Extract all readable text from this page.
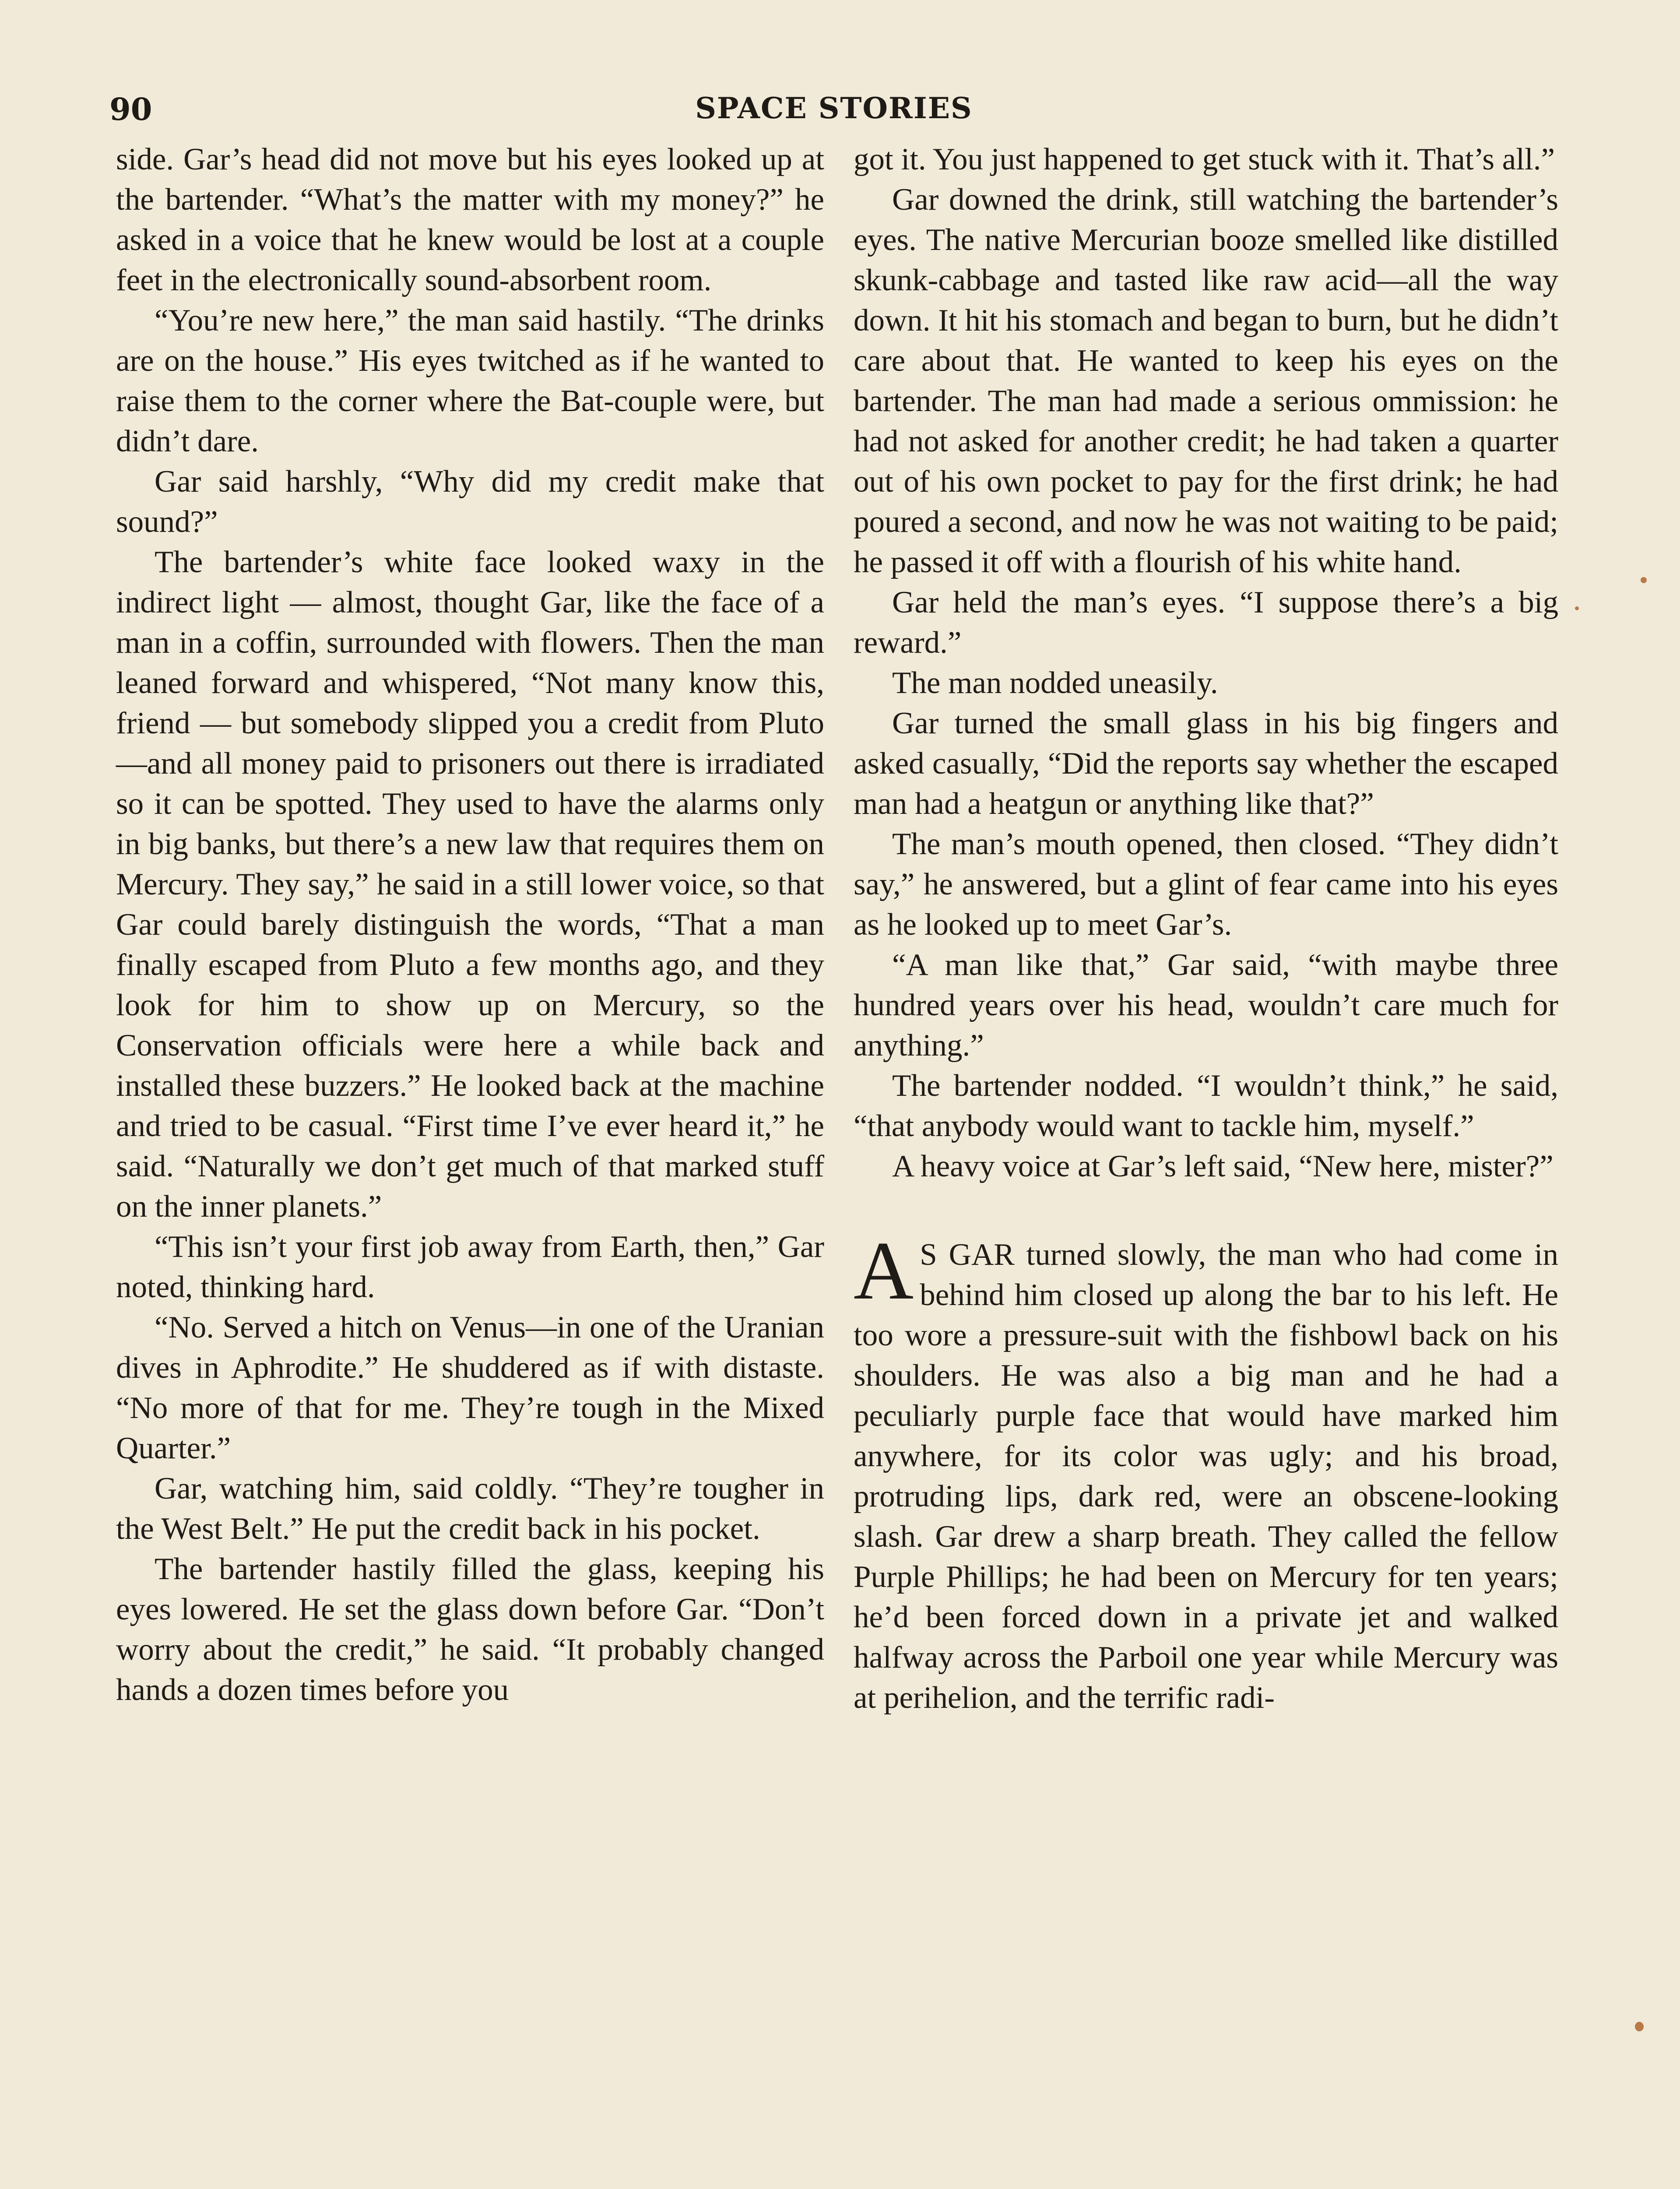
90	SPACE STORIES

side. Gar’s head did not move but his eyes looked up at the bartender. “What’s the matter with my money?” he asked in a voice that he knew would be lost at a couple feet in the electronically sound-absorbent room.

“You’re new here,” the man said hastily. “The drinks are on the house.” His eyes twitched as if he wanted to raise them to the corner where the Bat-couple were, but didn’t dare.

Gar said harshly, “Why did my credit make that sound?”

The bartender’s white face looked waxy in the indirect light — almost, thought Gar, like the face of a man in a coffin, surrounded with flowers. Then the man leaned forward and whispered, “Not many know this, friend — but somebody slipped you a credit from Pluto—and all money paid to prisoners out there is irradiated so it can be spotted. They used to have the alarms only in big banks, but there’s a new law that requires them on Mercury. They say,” he said in a still lower voice, so that Gar could barely distinguish the words, “That a man finally escaped from Pluto a few months ago, and they look for him to show up on Mercury, so the Conservation officials were here a while back and installed these buzzers.” He looked back at the machine and tried to be casual. “First time I’ve ever heard it,” he said. “Naturally we don’t get much of that marked stuff on the inner planets.”

“This isn’t your first job away from Earth, then,” Gar noted, thinking hard.

“No. Served a hitch on Venus—in one of the Uranian dives in Aphrodite.” He shuddered as if with distaste. “No more of that for me. They’re tough in the Mixed Quarter.”

Gar, watching him, said coldly. “They’re tougher in the West Belt.” He put the credit back in his pocket.

The bartender hastily filled the glass, keeping his eyes lowered. He set the glass down before Gar. “Don’t worry about the credit,” he said. “It probably changed hands a dozen times before you

got it. You just happened to get stuck with it. That’s all.”

Gar downed the drink, still watching the bartender’s eyes. The native Mercurian booze smelled like distilled skunk-cabbage and tasted like raw acid—all the way down. It hit his stomach and began to burn, but he didn’t care about that. He wanted to keep his eyes on the bartender. The man had made a serious ommission: he had not asked for another credit; he had taken a quarter out of his own pocket to pay for the first drink; he had poured a second, and now he was not waiting to be paid; he passed it off with a flourish of his white hand.

Gar held the man’s eyes. “I suppose there’s a big reward.”

The man nodded uneasily.

Gar turned the small glass in his big fingers and asked casually, “Did the reports say whether the escaped man had a heatgun or anything like that?”

The man’s mouth opened, then closed. “They didn’t say,” he answered, but a glint of fear came into his eyes as he looked up to meet Gar’s.

“A man like that,” Gar said, “with maybe three hundred years over his head, wouldn’t care much for anything.”

The bartender nodded. “I wouldn’t think,” he said, “that anybody would want to tackle him, myself.”

A heavy voice at Gar’s left said, “New here, mister?”

A S GAR turned slowly, the man who had come in behind him closed up along the bar to his left. He too wore a pressure-suit with the fishbowl back on his shoulders. He was also a big man and he had a peculiarly purple face that would have marked him anywhere, for its color was ugly; and his broad, protruding lips, dark red, were an obscene-looking slash. Gar drew a sharp breath. They called the fellow Purple Phillips; he had been on Mercury for ten years; he’d been forced down in a private jet and walked halfway across the Parboil one year while Mercury was at perihelion, and the terrific radi-
